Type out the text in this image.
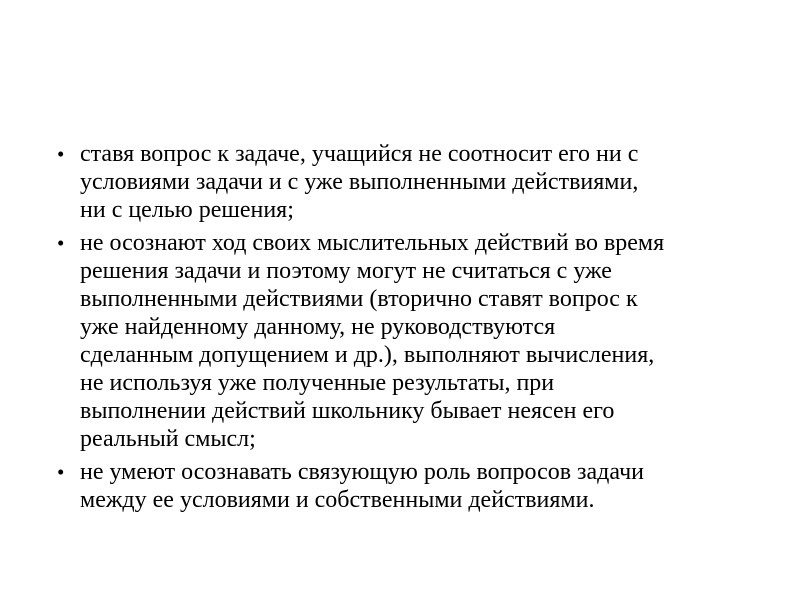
• ставя вопрос к задаче, учащийся не соотносит его ни с
условиями задачи и с уже выполненными действиями,
ни с целью решения;
• не осознают ход своих мыслительных действий во время
решения задачи и поэтому могут не считаться с уже
выполненными действиями (вторично ставят вопрос к
уже найденному данному, не руководствуются
сделанным допущением и др.), выполняют вычисления,
не используя уже полученные результаты, при
выполнении действий школьнику бывает неясен его
реальный смысл;
• не умеют осознавать связующую роль вопросов задачи
между ее условиями и собственными действиями.
